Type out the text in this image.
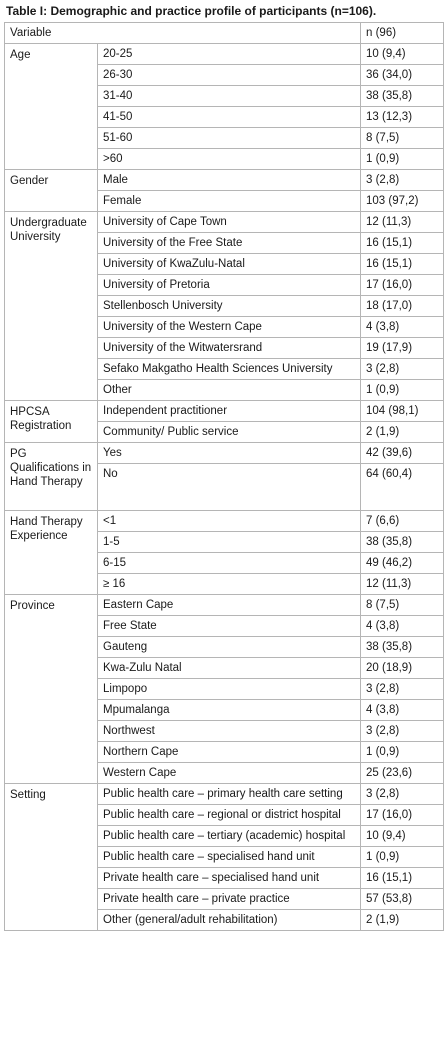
Table I: Demographic and practice profile of participants (n=106).
Variable		n (96)
Age	20-25	10 (9,4)
	26-30	36 (34,0)
	31-40	38 (35,8)
	41-50	13 (12,3)
	51-60	8 (7,5)
	>60	1 (0,9)
Gender	Male	3 (2,8)
	Female	103 (97,2)
Undergraduate University	University of Cape Town	12 (11,3)
	University of the Free State	16 (15,1)
	University of KwaZulu-Natal	16 (15,1)
	University of Pretoria	17 (16,0)
	Stellenbosch University	18 (17,0)
	University of the Western Cape	4 (3,8)
	University of the Witwatersrand	19 (17,9)
	Sefako Makgatho Health Sciences University	3 (2,8)
	Other	1 (0,9)
HPCSA Registration	Independent practitioner	104 (98,1)
	Community/ Public service	2 (1,9)
PG Qualifications in Hand Therapy	Yes	42 (39,6)
	No	64 (60,4)
Hand Therapy Experience	<1	7 (6,6)
	1-5	38 (35,8)
	6-15	49 (46,2)
	≥ 16	12 (11,3)
Province	Eastern Cape	8 (7,5)
	Free State	4 (3,8)
	Gauteng	38 (35,8)
	Kwa-Zulu Natal	20 (18,9)
	Limpopo	3 (2,8)
	Mpumalanga	4 (3,8)
	Northwest	3 (2,8)
	Northern Cape	1 (0,9)
	Western Cape	25 (23,6)
Setting	Public health care – primary health care setting	3 (2,8)
	Public health care – regional or district hospital	17 (16,0)
	Public health care – tertiary (academic) hospital	10 (9,4)
	Public health care – specialised hand unit	1 (0,9)
	Private health care – specialised hand unit	16 (15,1)
	Private health care – private practice	57 (53,8)
	Other (general/adult rehabilitation)	2 (1,9)
